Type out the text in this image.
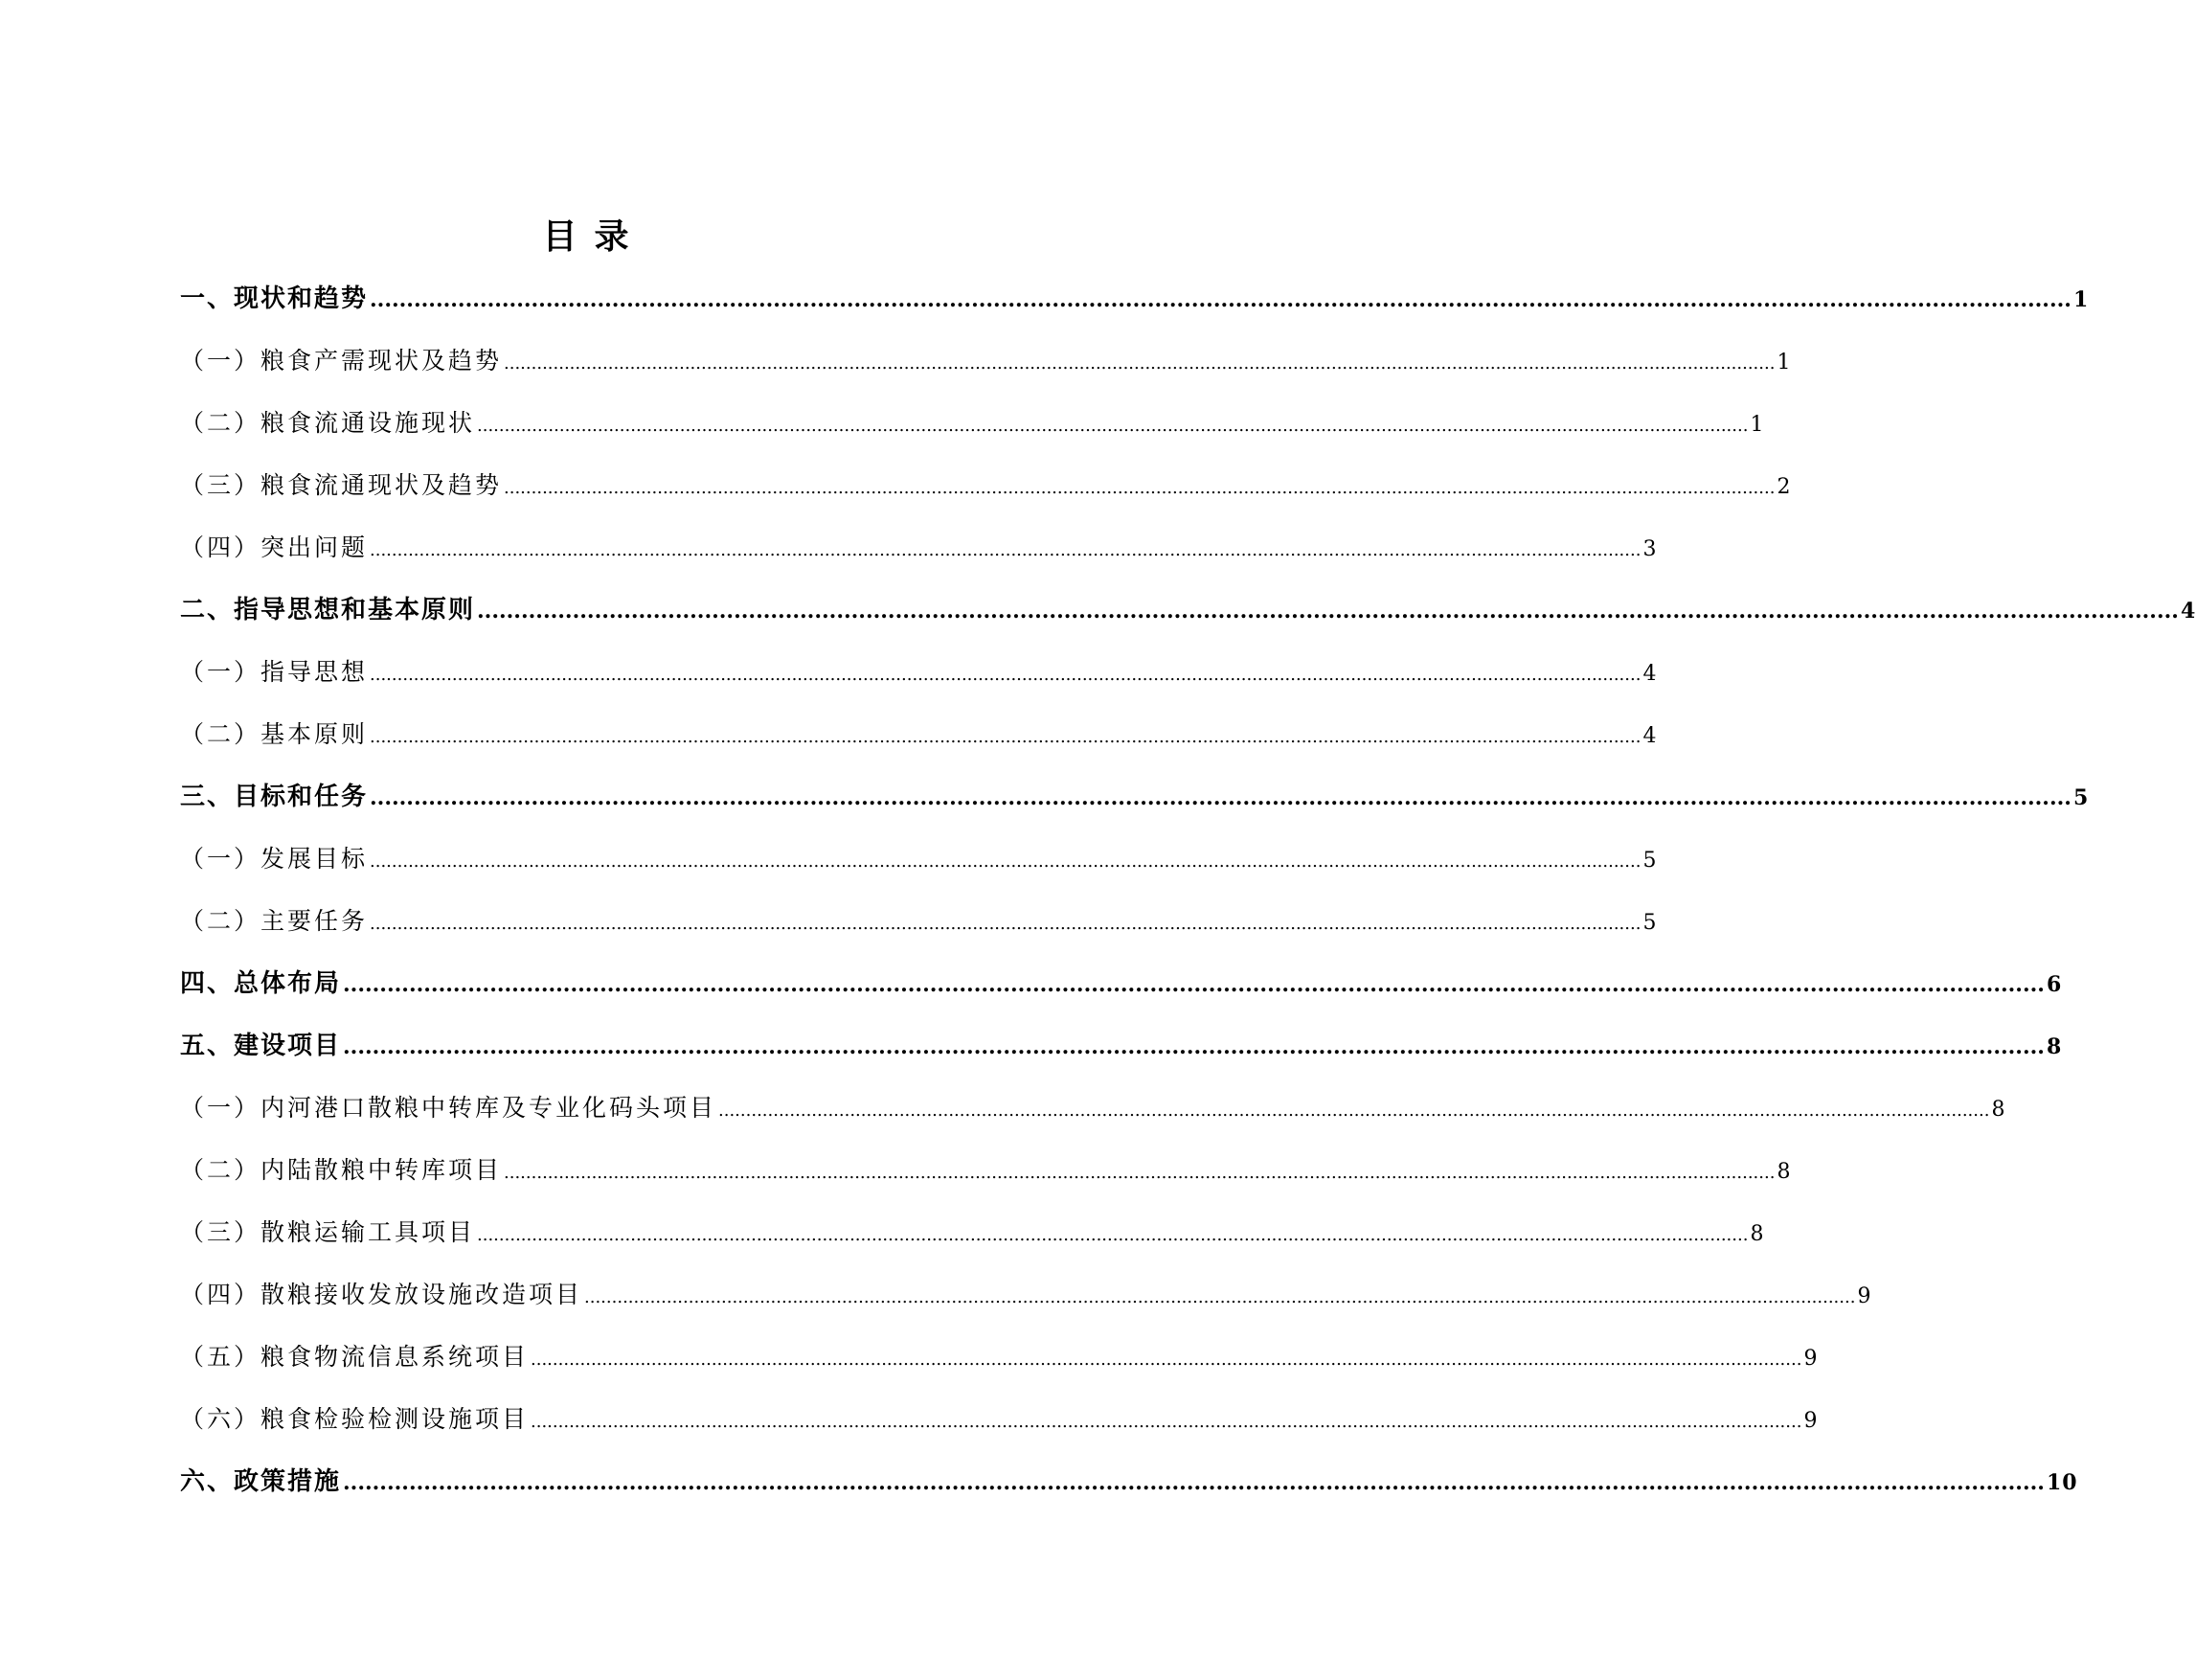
目录
一、现状和趋势 ........................................................................................................................................................................................................................................ 1
（一）粮食产需现状及趋势 ........................................................................................................................................................................................................................................ 1
（二）粮食流通设施现状 ........................................................................................................................................................................................................................................ 1
（三）粮食流通现状及趋势 ........................................................................................................................................................................................................................................ 2
（四）突出问题 ........................................................................................................................................................................................................................................ 3
二、指导思想和基本原则 ........................................................................................................................................................................................................................................ 4
（一）指导思想 ........................................................................................................................................................................................................................................ 4
（二）基本原则 ........................................................................................................................................................................................................................................ 4
三、目标和任务 ........................................................................................................................................................................................................................................ 5
（一）发展目标 ........................................................................................................................................................................................................................................ 5
（二）主要任务 ........................................................................................................................................................................................................................................ 5
四、总体布局 ........................................................................................................................................................................................................................................ 6
五、建设项目 ........................................................................................................................................................................................................................................ 8
（一）内河港口散粮中转库及专业化码头项目 ........................................................................................................................................................................................................................................ 8
（二）内陆散粮中转库项目 ........................................................................................................................................................................................................................................ 8
（三）散粮运输工具项目 ........................................................................................................................................................................................................................................ 8
（四）散粮接收发放设施改造项目 ........................................................................................................................................................................................................................................ 9
（五）粮食物流信息系统项目 ........................................................................................................................................................................................................................................ 9
（六）粮食检验检测设施项目 ........................................................................................................................................................................................................................................ 9
六、政策措施 ........................................................................................................................................................................................................................................ 10
